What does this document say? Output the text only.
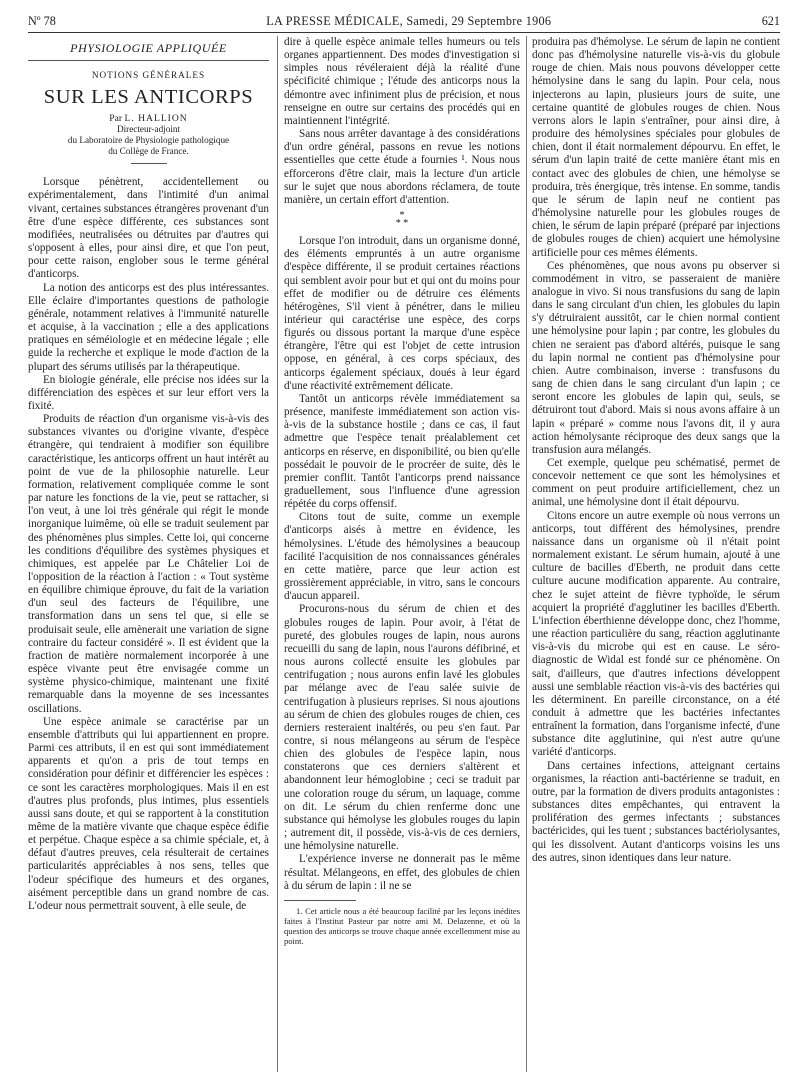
Nº 78	LA PRESSE MÉDICALE, Samedi, 29 Septembre 1906	621
PHYSIOLOGIE APPLIQUÉE
NOTIONS GÉNÉRALES
SUR LES ANTICORPS
Par L. HALLION
Directeur-adjoint
du Laboratoire de Physiologie pathologique
du Collège de France.

Lorsque pénètrent, accidentellement ou expérimentalement, dans l'intimité d'un animal vivant, certaines substances étrangères provenant d'un être d'une espèce différente, ces substances sont modifiées, neutralisées ou détruites par d'autres qui s'opposent à elles, pour ainsi dire, et que l'on peut, pour cette raison, englober sous le terme général d'anticorps.

La notion des anticorps est des plus intéressantes. Elle éclaire d'importantes questions de pathologie générale, notamment relatives à l'immunité naturelle et acquise, à la vaccination ; elle a des applications pratiques en séméiologie et en médecine légale ; elle guide la recherche et explique le mode d'action de la plupart des sérums utilisés par la thérapeutique.

En biologie générale, elle précise nos idées sur la différenciation des espèces et sur leur effort vers la fixité.

Produits de réaction d'un organisme vis-à-vis des substances vivantes ou d'origine vivante, d'espèce étrangère, qui tendraient à modifier son équilibre caractéristique, les anticorps offrent un haut intérêt au point de vue de la philosophie naturelle. Leur formation, relativement compliquée comme le sont par nature les fonctions de la vie, peut se rattacher, si l'on veut, à une loi très générale qui régit le monde inorganique luimême, où elle se traduit seulement par des phénomènes plus simples. Cette loi, qui concerne les conditions d'équilibre des systèmes physiques et chimiques, est appelée par Le Châtelier Loi de l'opposition de la réaction à l'action : « Tout système en équilibre chimique éprouve, du fait de la variation d'un seul des facteurs de l'équilibre, une transformation dans un sens tel que, si elle se produisait seule, elle amènerait une variation de signe contraire du facteur considéré ». Il est évident que la fraction de matière normalement incorporée à une espèce vivante peut être envisagée comme un système physico-chimique, maintenant une fixité remarquable dans la moyenne de ses incessantes oscillations.

Une espèce animale se caractérise par un ensemble d'attributs qui lui appartiennent en propre. Parmi ces attributs, il en est qui sont immédiatement apparents et qu'on a pris de tout temps en considération pour définir et différencier les espèces : ce sont les caractères morphologiques. Mais il en est d'autres plus profonds, plus intimes, plus essentiels aussi sans doute, et qui se rapportent à la constitution même de la matière vivante que chaque espèce édifie et perpétue. Chaque espèce a sa chimie spéciale, et, à défaut d'autres preuves, cela résulterait de certaines particularités appréciables à nos sens, telles que l'odeur spécifique des humeurs et des organes, aisément perceptible dans un grand nombre de cas. L'odeur nous permettrait souvent, à elle seule, de

dire à quelle espèce animale telles humeurs ou tels organes appartiennent. Des modes d'investigation si simples nous révéleraient déjà la réalité d'une spécificité chimique ; l'étude des anticorps nous la démontre avec infiniment plus de précision, et nous renseigne en outre sur certains des procédés qui en maintiennent l'intégrité.

Sans nous arrêter davantage à des considérations d'un ordre général, passons en revue les notions essentielles que cette étude a fournies ¹. Nous nous efforcerons d'être clair, mais la lecture d'un article sur le sujet que nous abordons réclamera, de toute manière, un certain effort d'attention.

*
* *

Lorsque l'on introduit, dans un organisme donné, des éléments empruntés à un autre organisme d'espèce différente, il se produit certaines réactions qui semblent avoir pour but et qui ont du moins pour effet de modifier ou de détruire ces éléments hétérogènes, S'il vient à pénétrer, dans le milieu intérieur qui caractérise une espèce, des corps figurés ou dissous portant la marque d'une espèce étrangère, l'être qui est l'objet de cette intrusion oppose, en général, à ces corps spéciaux, des anticorps également spéciaux, doués à leur égard d'une réactivité extrêmement délicate.

Tantôt un anticorps révèle immédiatement sa présence, manifeste immédiatement son action vis-à-vis de la substance hostile ; dans ce cas, il faut admettre que l'espèce tenait préalablement cet anticorps en réserve, en disponibilité, ou bien qu'elle possédait le pouvoir de le procréer de suite, dès le premier conflit. Tantôt l'anticorps prend naissance graduellement, sous l'influence d'une agression répétée du corps offensif.

Citons tout de suite, comme un exemple d'anticorps aisés à mettre en évidence, les hémolysines. L'étude des hémolysines a beaucoup facilité l'acquisition de nos connaissances générales en cette matière, parce que leur action est grossièrement appréciable, in vitro, sans le concours d'aucun appareil.

Procurons-nous du sérum de chien et des globules rouges de lapin. Pour avoir, à l'état de pureté, des globules rouges de lapin, nous aurons recueilli du sang de lapin, nous l'aurons défibriné, et nous aurons collecté ensuite les globules par centrifugation ; nous aurons enfin lavé les globules par mélange avec de l'eau salée suivie de centrifugation à plusieurs reprises. Si nous ajoutions au sérum de chien des globules rouges de chien, ces derniers resteraient inaltérés, ou peu s'en faut. Par contre, si nous mélangeons au sérum de l'espèce chien des globules de l'espèce lapin, nous constaterons que ces derniers s'altèrent et abandonnent leur hémoglobine ; ceci se traduit par une coloration rouge du sérum, un laquage, comme on dit. Le sérum du chien renferme donc une substance qui hémolyse les globules rouges du lapin ; autrement dit, il possède, vis-à-vis de ces derniers, une hémolysine naturelle.

L'expérience inverse ne donnerait pas le même résultat. Mélangeons, en effet, des globules de chien à du sérum de lapin : il ne se

1. Cet article nous a été beaucoup facilité par les leçons inédites faites à l'Institut Pasteur par notre ami M. Delazenne, et où la question des anticorps se trouve chaque année excellemment mise au point.

produira pas d'hémolyse. Le sérum de lapin ne contient donc pas d'hémolysine naturelle vis-à-vis du globule rouge de chien. Mais nous pouvons développer cette hémolysine dans le sang du lapin. Pour cela, nous injecterons au lapin, plusieurs jours de suite, une certaine quantité de globules rouges de chien. Nous verrons alors le lapin s'entraîner, pour ainsi dire, à produire des hémolysines spéciales pour globules de chien, dont il était normalement dépourvu. En effet, le sérum d'un lapin traité de cette manière étant mis en contact avec des globules de chien, une hémolyse se produira, très énergique, très intense. En somme, tandis que le sérum de lapin neuf ne contient pas d'hémolysine naturelle pour les globules rouges de chien, le sérum de lapin préparé (préparé par injections de globules rouges de chien) acquiert une hémolysine artificielle pour ces mêmes éléments.

Ces phénomènes, que nous avons pu observer si commodément in vitro, se passeraient de manière analogue in vivo. Si nous transfusions du sang de lapin dans le sang circulant d'un chien, les globules du lapin s'y détruiraient aussitôt, car le chien normal contient une hémolysine pour lapin ; par contre, les globules du chien ne seraient pas d'abord altérés, puisque le sang du lapin normal ne contient pas d'hémolysine pour chien. Autre combinaison, inverse : transfusons du sang de chien dans le sang circulant d'un lapin ; ce seront encore les globules de lapin qui, seuls, se détruiront tout d'abord. Mais si nous avons affaire à un lapin « préparé » comme nous l'avons dit, il y aura action hémolysante réciproque des deux sangs que la transfusion aura mélangés.

Cet exemple, quelque peu schématisé, permet de concevoir nettement ce que sont les hémolysines et comment on peut produire artificiellement, chez un animal, une hémolysine dont il était dépourvu.

Citons encore un autre exemple où nous verrons un anticorps, tout différent des hémolysines, prendre naissance dans un organisme où il n'était point normalement existant. Le sérum humain, ajouté à une culture de bacilles d'Eberth, ne produit dans cette culture aucune modification apparente. Au contraire, chez le sujet atteint de fièvre typhoïde, le sérum acquiert la propriété d'agglutiner les bacilles d'Eberth. L'infection éberthienne développe donc, chez l'homme, une réaction particulière du sang, réaction agglutinante vis-à-vis du microbe qui est en cause. Le séro-diagnostic de Widal est fondé sur ce phénomène. On sait, d'ailleurs, que d'autres infections développent aussi une semblable réaction vis-à-vis des bactéries qui les déterminent. En pareille circonstance, on a été conduit à admettre que les bactéries infectantes entraînent la formation, dans l'organisme infecté, d'une substance dite agglutinine, qui n'est autre qu'une variété d'anticorps.

Dans certaines infections, atteignant certains organismes, la réaction anti-bactérienne se traduit, en outre, par la formation de divers produits antagonistes : substances dites empêchantes, qui entravent la prolifération des germes infectants ; substances bactéricides, qui les tuent ; substances bactériolysantes, qui les dissolvent. Autant d'anticorps voisins les uns des autres, sinon identiques dans leur nature.
